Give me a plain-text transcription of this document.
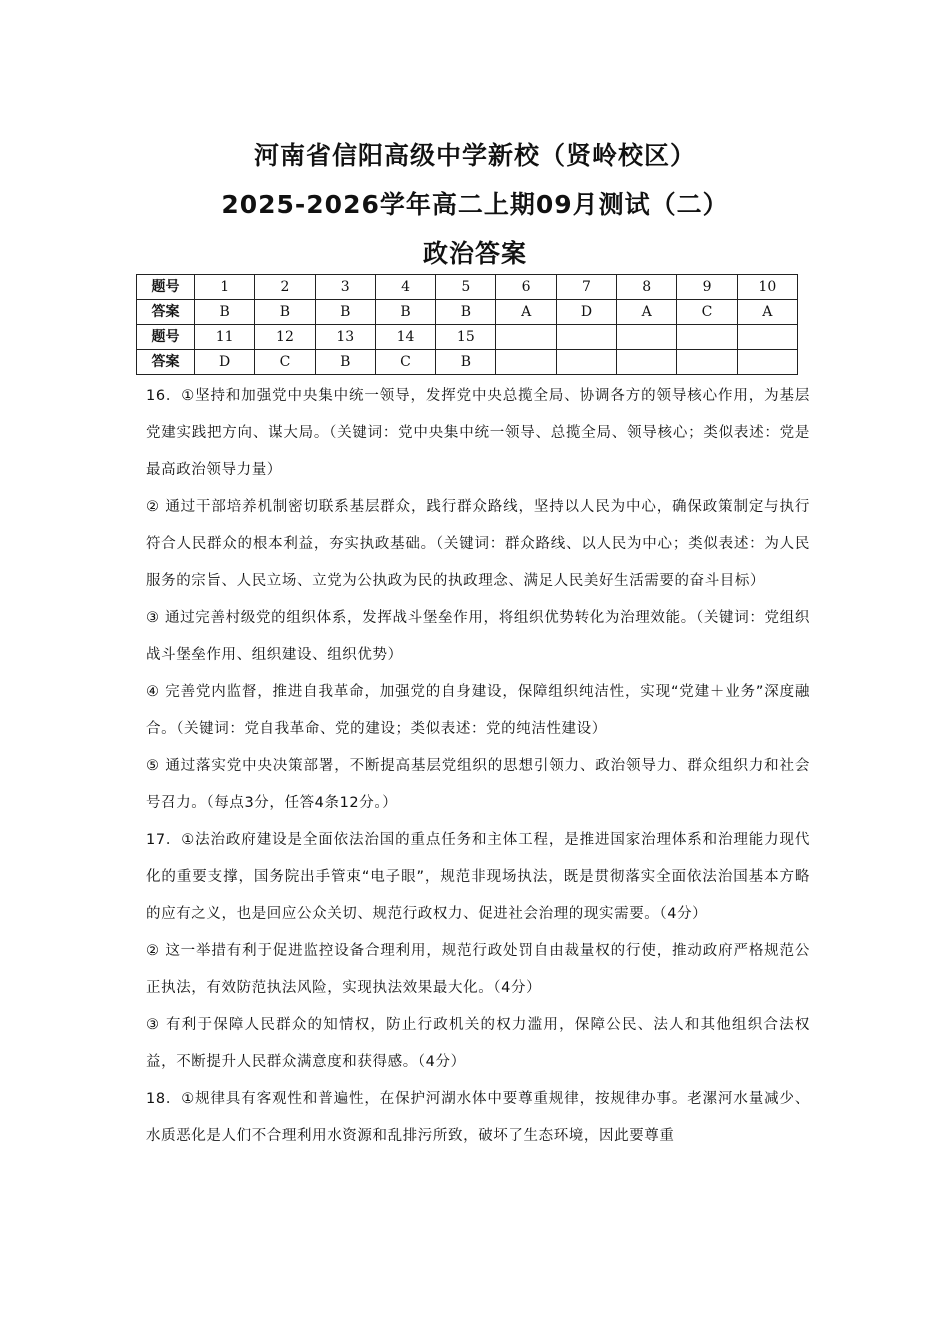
河南省信阳高级中学新校（贤岭校区）
2025-2026学年高二上期09月测试（二）
政治答案
题号	1	2	3	4	5	6	7	8	9	10
答案	B	B	B	B	B	A	D	A	C	A
题号	11	12	13	14	15					
答案	D	C	B	C	B					

16．①坚持和加强党中央集中统一领导，发挥党中央总揽全局、协调各方的领导核心作用，为基层党建实践把方向、谋大局。（关键词：党中央集中统一领导、总揽全局、领导核心；类似表述：党是最高政治领导力量）

② 通过干部培养机制密切联系基层群众，践行群众路线，坚持以人民为中心，确保政策制定与执行符合人民群众的根本利益，夯实执政基础。（关键词：群众路线、以人民为中心；类似表述：为人民服务的宗旨、人民立场、立党为公执政为民的执政理念、满足人民美好生活需要的奋斗目标）

③ 通过完善村级党的组织体系，发挥战斗堡垒作用，将组织优势转化为治理效能。（关键词：党组织战斗堡垒作用、组织建设、组织优势）

④ 完善党内监督，推进自我革命，加强党的自身建设，保障组织纯洁性，实现“党建＋业务”深度融合。（关键词：党自我革命、党的建设；类似表述：党的纯洁性建设）

⑤ 通过落实党中央决策部署，不断提高基层党组织的思想引领力、政治领导力、群众组织力和社会号召力。（每点3分，任答4条12分。）

17．①法治政府建设是全面依法治国的重点任务和主体工程，是推进国家治理体系和治理能力现代化的重要支撑，国务院出手管束“电子眼”，规范非现场执法，既是贯彻落实全面依法治国基本方略的应有之义，也是回应公众关切、规范行政权力、促进社会治理的现实需要。（4分）

② 这一举措有利于促进监控设备合理利用，规范行政处罚自由裁量权的行使，推动政府严格规范公正执法，有效防范执法风险，实现执法效果最大化。（4分）

③ 有利于保障人民群众的知情权，防止行政机关的权力滥用，保障公民、法人和其他组织合法权益，不断提升人民群众满意度和获得感。（4分）

18．①规律具有客观性和普遍性，在保护河湖水体中要尊重规律，按规律办事。老漯河水量减少、水质恶化是人们不合理利用水资源和乱排污所致，破坏了生态环境，因此要尊重
